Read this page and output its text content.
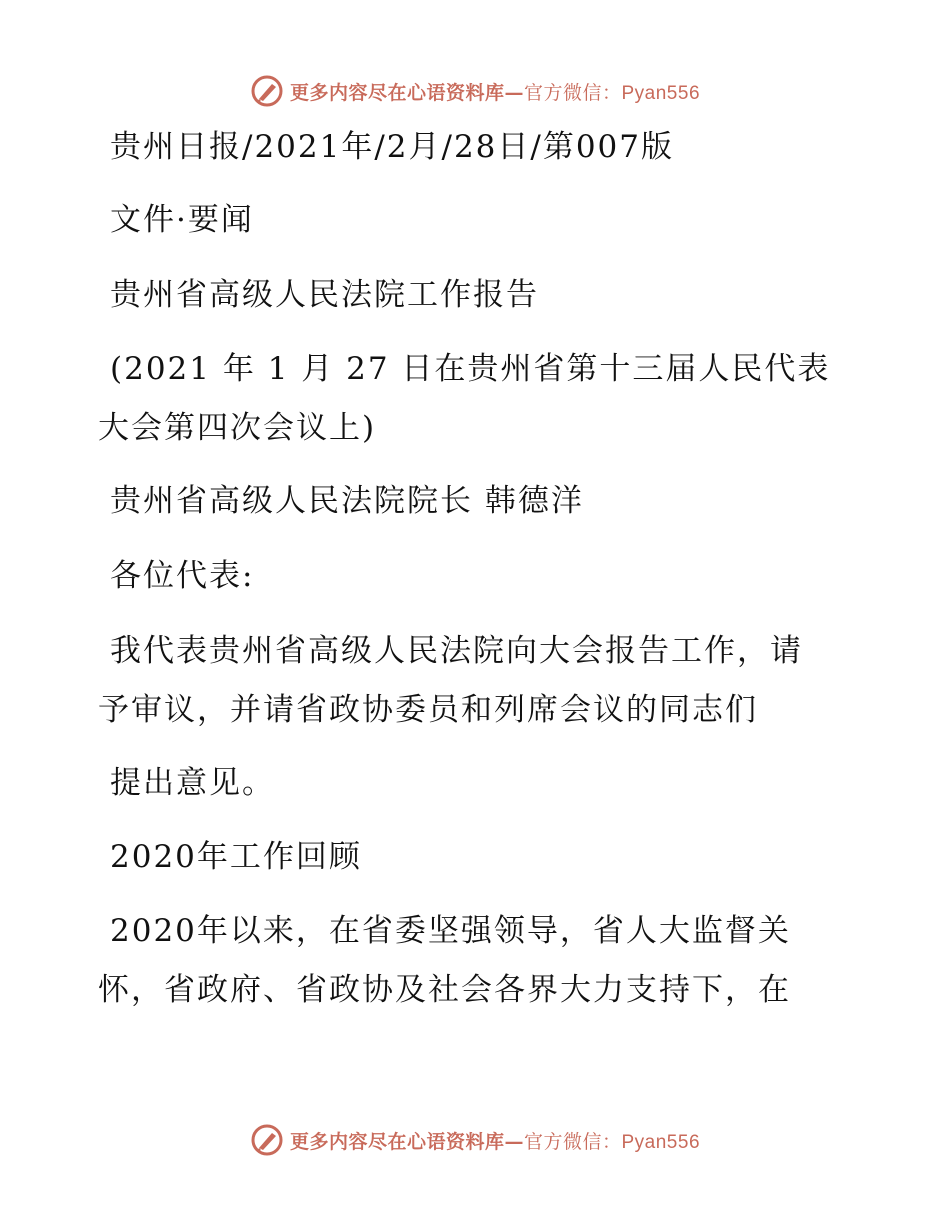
更多内容尽在心语资料库—官方微信：Pyan556
贵州日报/2021年/2月/28日/第007版
文件·要闻
贵州省高级人民法院工作报告
(2021 年 1 月 27 日在贵州省第十三届人民代表
大会第四次会议上)
贵州省高级人民法院院长 韩德洋
各位代表:
我代表贵州省高级人民法院向大会报告工作，请
予审议，并请省政协委员和列席会议的同志们
提出意见。
2020年工作回顾
2020年以来，在省委坚强领导，省人大监督关
怀，省政府、省政协及社会各界大力支持下，在
更多内容尽在心语资料库—官方微信：Pyan556
